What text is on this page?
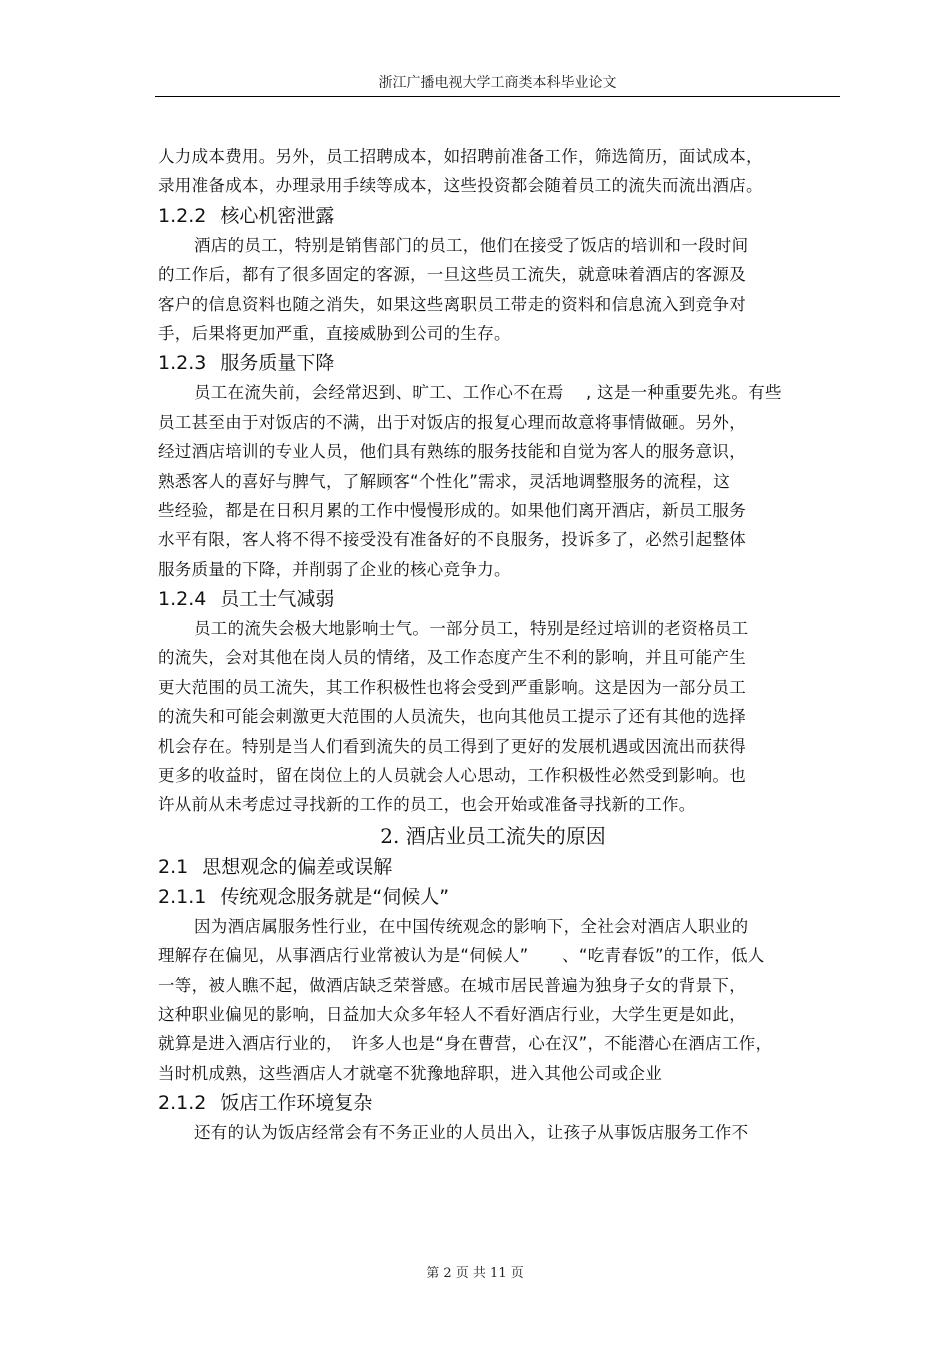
浙江广播电视大学工商类本科毕业论文
人力成本费用。另外，员工招聘成本，如招聘前准备工作，筛选简历，面试成本，
录用准备成本，办理录用手续等成本，这些投资都会随着员工的流失而流出酒店。
1.2.2 核心机密泄露
酒店的员工，特别是销售部门的员工，他们在接受了饭店的培训和一段时间
的工作后，都有了很多固定的客源，一旦这些员工流失，就意味着酒店的客源及
客户的信息资料也随之消失，如果这些离职员工带走的资料和信息流入到竞争对
手，后果将更加严重，直接威胁到公司的生存。
1.2.3 服务质量下降
员工在流失前，会经常迟到、旷工、工作心不在焉　 , 这是一种重要先兆。有些
员工甚至由于对饭店的不满，出于对饭店的报复心理而故意将事情做砸。另外，
经过酒店培训的专业人员，他们具有熟练的服务技能和自觉为客人的服务意识，
熟悉客人的喜好与脾气，了解顾客“个性化”需求，灵活地调整服务的流程，这
些经验，都是在日积月累的工作中慢慢形成的。如果他们离开酒店，新员工服务
水平有限，客人将不得不接受没有准备好的不良服务，投诉多了，必然引起整体
服务质量的下降，并削弱了企业的核心竞争力。
1.2.4 员工士气减弱
员工的流失会极大地影响士气。一部分员工，特别是经过培训的老资格员工
的流失，会对其他在岗人员的情绪，及工作态度产生不利的影响，并且可能产生
更大范围的员工流失，其工作积极性也将会受到严重影响。这是因为一部分员工
的流失和可能会刺激更大范围的人员流失，也向其他员工提示了还有其他的选择
机会存在。特别是当人们看到流失的员工得到了更好的发展机遇或因流出而获得
更多的收益时，留在岗位上的人员就会人心思动，工作积极性必然受到影响。也
许从前从未考虑过寻找新的工作的员工，也会开始或准备寻找新的工作。
2. 酒店业员工流失的原因
2.1 思想观念的偏差或误解
2.1.1 传统观念服务就是“伺候人”
因为酒店属服务性行业，在中国传统观念的影响下，全社会对酒店人职业的
理解存在偏见，从事酒店行业常被认为是“伺候人”　　、“吃青春饭”的工作，低人
一等，被人瞧不起，做酒店缺乏荣誉感。在城市居民普遍为独身子女的背景下，
这种职业偏见的影响，日益加大众多年轻人不看好酒店行业，大学生更是如此，
就算是进入酒店行业的，　许多人也是“身在曹营，心在汉”，不能潜心在酒店工作，
当时机成熟，这些酒店人才就毫不犹豫地辞职，进入其他公司或企业
2.1.2 饭店工作环境复杂
还有的认为饭店经常会有不务正业的人员出入，让孩子从事饭店服务工作不
第 2 页 共 11 页
